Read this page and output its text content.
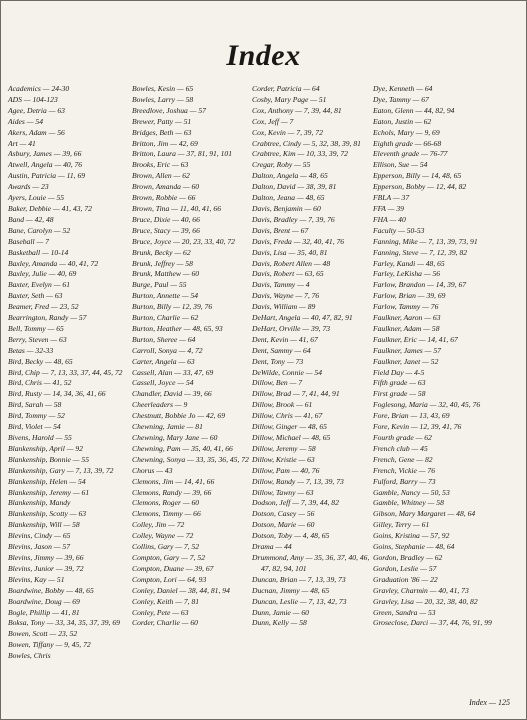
Index
Academics — 24-30
ADS — 104-123
Agee, Detria — 63
Aides — 54
Akers, Adam — 56
Art — 41
Asbury, James — 39, 66
Atwell, Angela — 40, 76
Austin, Patricia — 11, 69
Awards — 23
Ayers, Louie — 55
Baker, Debbie — 41, 43, 72
Band — 42, 48
Bane, Carolyn — 52
Baseball — 7
Basketball — 10-14
Baxley, Amanda — 40, 41, 72
Baxley, Julie — 40, 69
Baxter, Evelyn — 61
Baxter, Seth — 63
Beamer, Fred — 23, 52
Bearrington, Randy — 57
Bell, Tommy — 65
Berry, Steven — 63
Betas — 32-33
Bird, Becky — 48, 65
Bird, Chip — 7, 13, 33, 37, 44, 45, 72
Bird, Chris — 41, 52
Bird, Rusty — 14, 34, 36, 41, 66
Bird, Sarah — 58
Bird, Tommy — 52
Bird, Violet — 54
Bivens, Harold — 55
Blankenship, April — 92
Blankenship, Bonnie — 55
Blankenship, Gary — 7, 13, 39, 72
Blankenship, Helen — 54
Blankenship, Jeremy — 61
Blankenship, Mandy
Blankenship, Scotty — 63
Blankenship, Will — 58
Blevins, Cindy — 65
Blevins, Jason — 57
Blevins, Jimmy — 39, 66
Blevins, Junior — 39, 72
Blevins, Kay — 51
Boardwine, Bobby — 48, 65
Boardwine, Doug — 69
Bogle, Phillip — 41, 81
Boksa, Tony — 33, 34, 35, 37, 39, 69
Bowen, Scott — 23, 52
Bowen, Tiffany — 9, 45, 72
Bowles, Chris
Bowles, Kesin — 65
Bowles, Larry — 58
Breedlove, Joshua — 57
Brewer, Patty — 51
Bridges, Beth — 63
Britton, Jim — 42, 69
Britton, Laura — 37, 81, 91, 101
Brooks, Eric — 63
Brown, Allen — 62
Brown, Amanda — 60
Brown, Robbie — 66
Brown, Tina — 11, 40, 41, 66
Bruce, Dixie — 40, 66
Bruce, Stacy — 39, 66
Bruce, Joyce — 20, 23, 33, 40, 72
Brunk, Becky — 62
Brunk, Jeffrey — 58
Brunk, Matthew — 60
Burge, Paul — 55
Burton, Annette — 54
Burton, Billy — 12, 39, 76
Burton, Charlie — 62
Burton, Heather — 48, 65, 93
Burton, Sheree — 64
Carroll, Sonya — 4, 72
Carter, Angela — 63
Cassell, Alan — 33, 47, 69
Cassell, Joyce — 54
Chandler, David — 39, 66
Cheerleaders — 9
Chestnutt, Bobbie Jo — 42, 69
Chewning, Jamie — 81
Chewning, Mary Jane — 60
Chewning, Pam — 35, 40, 41, 66
Chewning, Sonya — 33, 35, 36, 45, 72
Chorus — 43
Clemons, Jim — 14, 41, 66
Clemons, Randy — 39, 66
Clemons, Roger — 60
Clemons, Timmy — 66
Colley, Jim — 72
Colley, Wayne — 72
Collins, Gary — 7, 52
Compton, Gary — 7, 52
Compton, Duane — 39, 67
Compton, Lori — 64, 93
Conley, Daniel — 38, 44, 81, 94
Conley, Keith — 7, 81
Conley, Pete — 63
Corder, Charlie — 60
Corder, Patricia — 64
Cosby, Mary Page — 51
Cox, Anthony — 7, 39, 44, 81
Cox, Jeff — 7
Cox, Kevin — 7, 39, 72
Crabtree, Cindy — 5, 32, 38, 39, 81
Crabtree, Kim — 10, 33, 39, 72
Cregar, Roby — 55
Dalton, Angela — 48, 65
Dalton, David — 38, 39, 81
Dalton, Jeana — 48, 65
Davis, Benjamin — 60
Davis, Bradley — 7, 39, 76
Davis, Brent — 67
Davis, Freda — 32, 40, 41, 76
Davis, Lisa — 35, 40, 81
Davis, Robert Allen — 48
Davis, Robert — 63, 65
Davis, Tammy — 4
Davis, Wayne — 7, 76
Davis, William — 89
DeHart, Angela — 40, 47, 82, 91
DeHart, Orville — 39, 73
Dent, Kevin — 41, 67
Dent, Sammy — 64
Dent, Tony — 73
DeWilde, Connie — 54
Dillow, Ben — 7
Dillow, Brad — 7, 41, 44, 91
Dillow, Brook — 61
Dillow, Chris — 41, 67
Dillow, Ginger — 48, 65
Dillow, Michael — 48, 65
Dillow, Jeremy — 58
Dillow, Kristie — 63
Dillow, Pam — 40, 76
Dillow, Randy — 7, 13, 39, 73
Dillow, Tawny — 63
Dodson, Jeff — 7, 39, 44, 82
Dotson, Casey — 56
Dotson, Marie — 60
Dotson, Toby — 4, 48, 65
Drama — 44
Drummond, Amy — 35, 36, 37, 40, 46, 47, 82, 94, 101
Duncan, Brian — 7, 13, 39, 73
Ducnan, Jimmy — 48, 65
Duncan, Leslie — 7, 13, 42, 73
Dunn, Jamie — 60
Dunn, Kelly — 58
Dye, Kenneth — 64
Dye, Tammy — 67
Eaton, Glenn — 44, 82, 94
Eaton, Justin — 62
Echols, Mary — 9, 69
Eighth grade — 66-68
Eleventh grade — 76-77
Ellison, Sue — 54
Epperson, Billy — 14, 48, 65
Epperson, Bobby — 12, 44, 82
FBLA — 37
FFA — 39
FHA — 40
Faculty — 50-53
Fanning, Mike — 7, 13, 39, 73, 91
Fanning, Steve — 7, 12, 39, 82
Farley, Kandi — 48, 65
Farley, LeKisha — 56
Farlow, Brandon — 14, 39, 67
Farlow, Brian — 39, 69
Farlow, Tammy — 76
Faulkner, Aaron — 63
Faulkner, Adam — 58
Faulkner, Eric — 14, 41, 67
Faulkner, James — 57
Faulkner, Janet — 52
Field Day — 4-5
Fifth grade — 63
First grade — 58
Foglesong, Maria — 32, 40, 45, 76
Fore, Brian — 13, 43, 69
Fore, Kevin — 12, 39, 41, 76
Fourth grade — 62
French club — 45
French, Gene — 82
French, Vickie — 76
Fulford, Barry — 73
Gamble, Nancy — 50, 53
Gamble, Whitney — 58
Gibson, Mary Margaret — 48, 64
Gilley, Terry — 61
Goins, Kristina — 57, 92
Goins, Stephanie — 48, 64
Gordon, Bradley — 62
Gordon, Leslie — 57
Graduation '86 — 22
Gravley, Charmin — 40, 41, 73
Gravley, Lisa — 20, 32, 38, 40, 82
Green, Sandra — 53
Groseclose, Darci — 37, 44, 76, 91, 99
Index — 125
